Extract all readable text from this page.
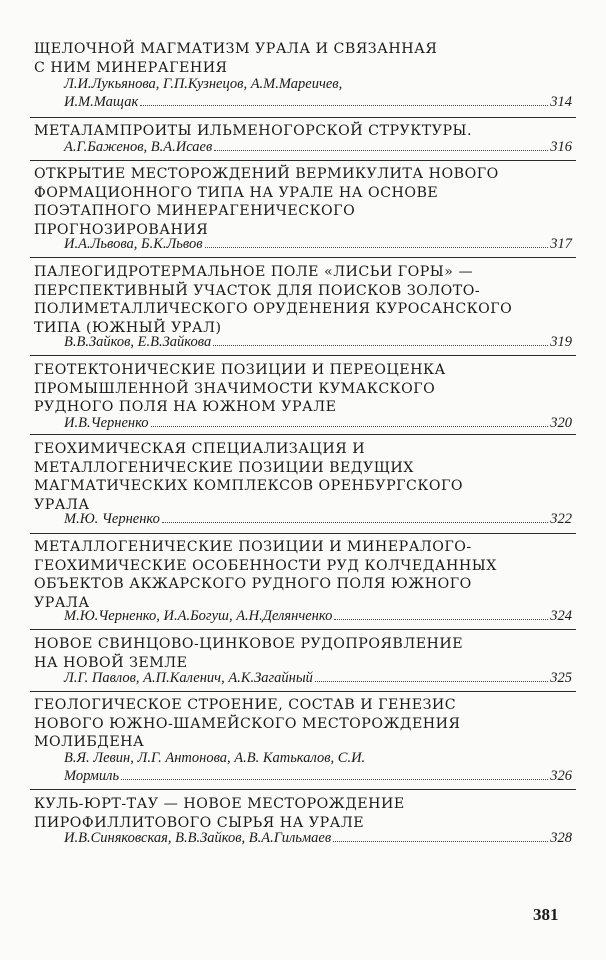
ЩЕЛОЧНОЙ МАГМАТИЗМ УРАЛА И СВЯЗАННАЯ
С НИМ МИНЕРАГЕНИЯ

Л.И.Лукьянова, Г.П.Кузнецов, А.М.Мареичев,
И.М.Мащак	314

МЕТАЛАМПРОИТЫ ИЛЬМЕНОГОРСКОЙ СТРУКТУРЫ.

А.Г.Баженов, В.А.Исаев	316

ОТКРЫТИЕ МЕСТОРОЖДЕНИЙ ВЕРМИКУЛИТА НОВОГО
ФОРМАЦИОННОГО ТИПА НА УРАЛЕ НА ОСНОВЕ
ПОЭТАПНОГО МИНЕРАГЕНИЧЕСКОГО
ПРОГНОЗИРОВАНИЯ

И.А.Львова, Б.К.Львов	317

ПАЛЕОГИДРОТЕРМАЛЬНОЕ ПОЛЕ «ЛИСЬИ ГОРЫ» —
ПЕРСПЕКТИВНЫЙ УЧАСТОК ДЛЯ ПОИСКОВ ЗОЛОТО-
ПОЛИМЕТАЛЛИЧЕСКОГО ОРУДЕНЕНИЯ КУРОСАНСКОГО
ТИПА (ЮЖНЫЙ УРАЛ)

В.В.Зайков, Е.В.Зайкова	319

ГЕОТЕКТОНИЧЕСКИЕ ПОЗИЦИИ И ПЕРЕОЦЕНКА
ПРОМЫШЛЕННОЙ ЗНАЧИМОСТИ КУМАКСКОГО
РУДНОГО ПОЛЯ НА ЮЖНОМ УРАЛЕ

И.В.Черненко	320

ГЕОХИМИЧЕСКАЯ СПЕЦИАЛИЗАЦИЯ И
МЕТАЛЛОГЕНИЧЕСКИЕ ПОЗИЦИИ ВЕДУЩИХ
МАГМАТИЧЕСКИХ КОМПЛЕКСОВ ОРЕНБУРГСКОГО
УРАЛА

М.Ю. Черненко	322

МЕТАЛЛОГЕНИЧЕСКИЕ ПОЗИЦИИ И МИНЕРАЛОГО-
ГЕОХИМИЧЕСКИЕ ОСОБЕННОСТИ РУД КОЛЧЕДАННЫХ
ОБЪЕКТОВ АКЖАРСКОГО РУДНОГО ПОЛЯ ЮЖНОГО
УРАЛА

М.Ю.Черненко, И.А.Богуш, А.Н.Делянченко	324

НОВОЕ СВИНЦОВО-ЦИНКОВОЕ РУДОПРОЯВЛЕНИЕ
НА НОВОЙ ЗЕМЛЕ

Л.Г. Павлов, А.П.Каленич, А.К.Загайный	325

ГЕОЛОГИЧЕСКОЕ СТРОЕНИЕ, СОСТАВ И ГЕНЕЗИС
НОВОГО ЮЖНО-ШАМЕЙСКОГО МЕСТОРОЖДЕНИЯ
МОЛИБДЕНА

В.Я. Левин, Л.Г. Антонова, А.В. Катькалов, С.И.
Мормиль	326

КУЛЬ-ЮРТ-ТАУ — НОВОЕ МЕСТОРОЖДЕНИЕ
ПИРОФИЛЛИТОВОГО СЫРЬЯ НА УРАЛЕ

И.В.Синяковская, В.В.Зайков, В.А.Гильмаев	328
381
